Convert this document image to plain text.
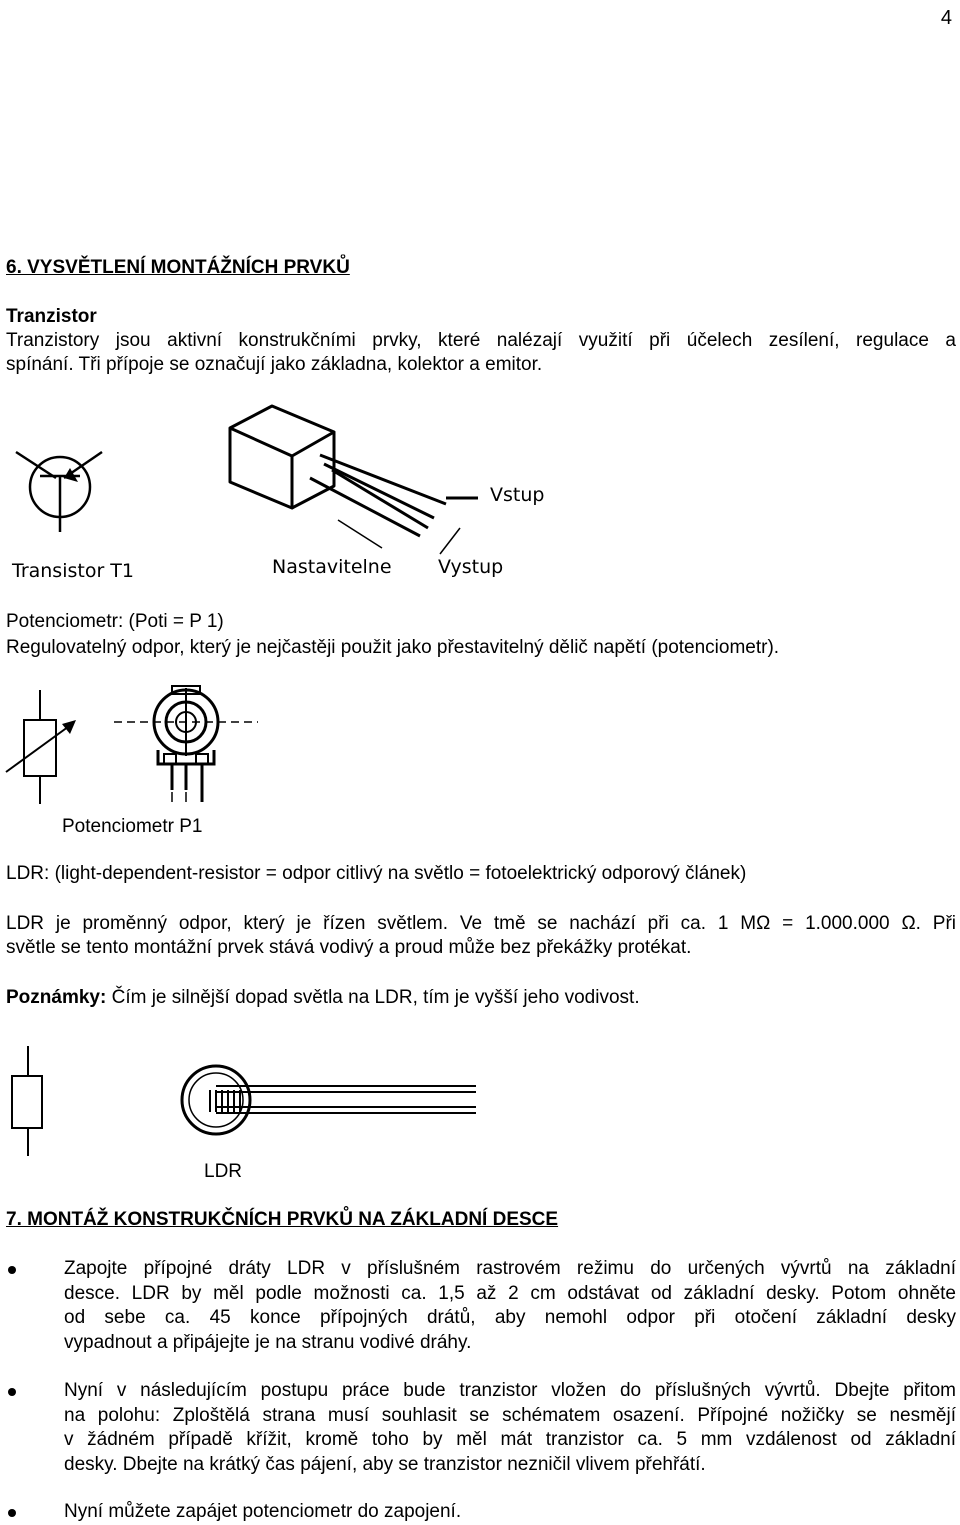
4
6. VYSVĚTLENÍ MONTÁŽNÍCH PRVKŮ
Tranzistor
Tranzistory jsou aktivní konstrukčními prvky, které nalézají využití při účelech zesílení, regulace a
spínání. Tři přípoje se označují jako základna, kolektor a emitor.
Transistor T1
Vstup
Nastavitelne Vystup
Potenciometr: (Poti = P 1)
Regulovatelný odpor, který je nejčastěji použit jako přestavitelný dělič napětí (potenciometr).
Potenciometr P1
LDR: (light-dependent-resistor = odpor citlivý na světlo = fotoelektrický odporový článek)
LDR je proměnný odpor, který je řízen světlem. Ve tmě se nachází při ca. 1 MΩ = 1.000.000 Ω. Při
světle se tento montážní prvek stává vodivý a proud může bez překážky protékat.
Poznámky: Čím je silnější dopad světla na LDR, tím je vyšší jeho vodivost.
LDR
7. MONTÁŽ KONSTRUKČNÍCH PRVKŮ NA ZÁKLADNÍ DESCE
Zapojte přípojné dráty LDR v příslušném rastrovém režimu do určených vývrtů na základní
desce. LDR by měl podle možnosti ca. 1,5 až 2 cm odstávat od základní desky. Potom ohněte
od sebe ca. 45 konce přípojných drátů, aby nemohl odpor při otočení základní desky
vypadnout a připájejte je na stranu vodivé dráhy.
Nyní v následujícím postupu práce bude tranzistor vložen do příslušných vývrtů. Dbejte přitom
na polohu: Zploštělá strana musí souhlasit se schématem osazení. Přípojné nožičky se nesmějí
v žádném případě křížit, kromě toho by měl mát tranzistor ca. 5 mm vzdálenost od základní
desky. Dbejte na krátký čas pájení, aby se tranzistor nezničil vlivem přehřátí.
Nyní můžete zapájet potenciometr do zapojení.
